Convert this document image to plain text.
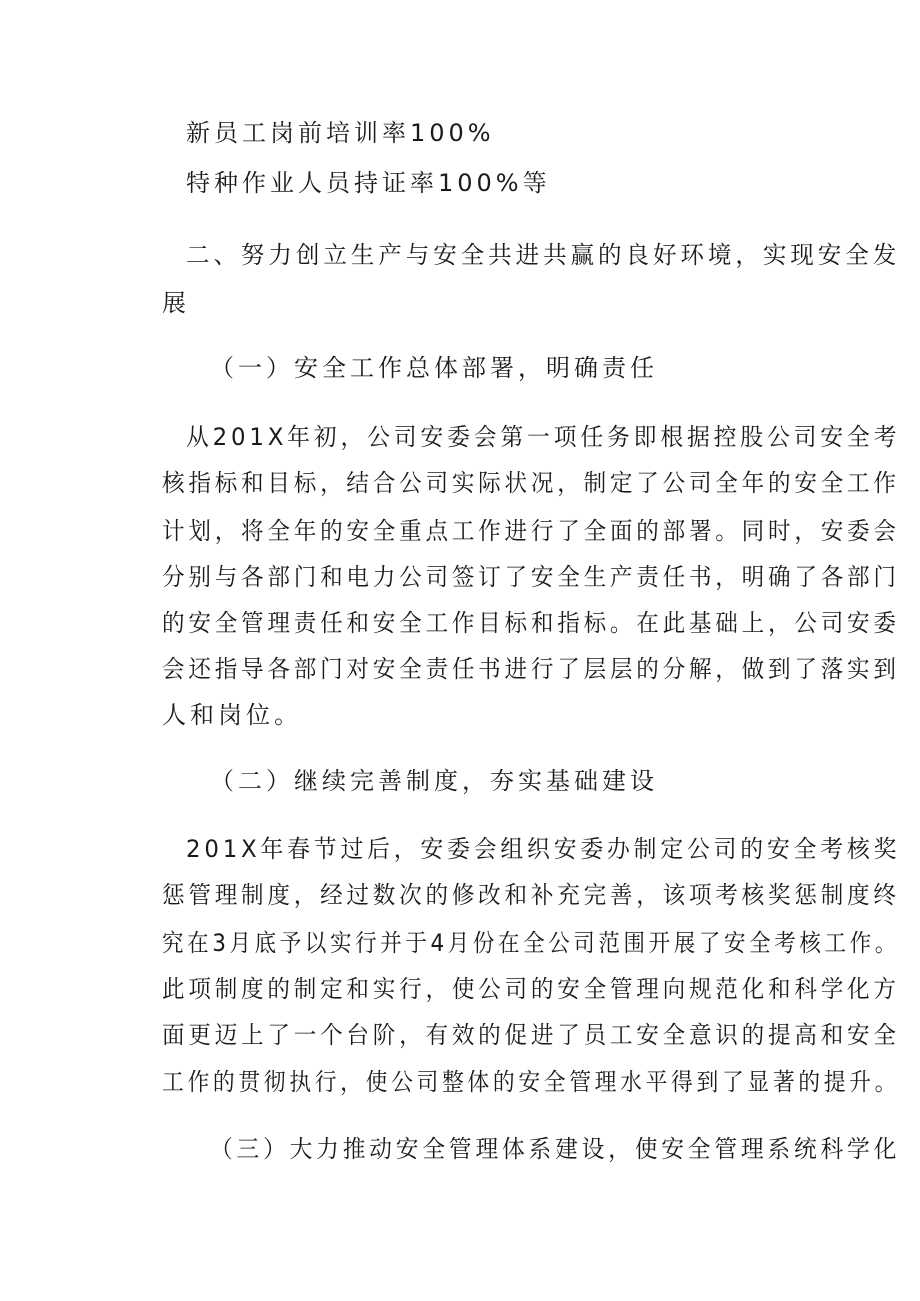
新员工岗前培训率100%
特种作业人员持证率100%等
二、努力创立生产与安全共进共赢的良好环境，实现安全发
展
（一）安全工作总体部署，明确责任
从201X年初，公司安委会第一项任务即根据控股公司安全考
核指标和目标，结合公司实际状况，制定了公司全年的安全工作
计划，将全年的安全重点工作进行了全面的部署。同时，安委会
分别与各部门和电力公司签订了安全生产责任书，明确了各部门
的安全管理责任和安全工作目标和指标。在此基础上，公司安委
会还指导各部门对安全责任书进行了层层的分解，做到了落实到
人和岗位。
（二）继续完善制度，夯实基础建设
201X年春节过后，安委会组织安委办制定公司的安全考核奖
惩管理制度，经过数次的修改和补充完善，该项考核奖惩制度终
究在3月底予以实行并于4月份在全公司范围开展了安全考核工作。
此项制度的制定和实行，使公司的安全管理向规范化和科学化方
面更迈上了一个台阶，有效的促进了员工安全意识的提高和安全
工作的贯彻执行，使公司整体的安全管理水平得到了显著的提升。
（三）大力推动安全管理体系建设，使安全管理系统科学化
